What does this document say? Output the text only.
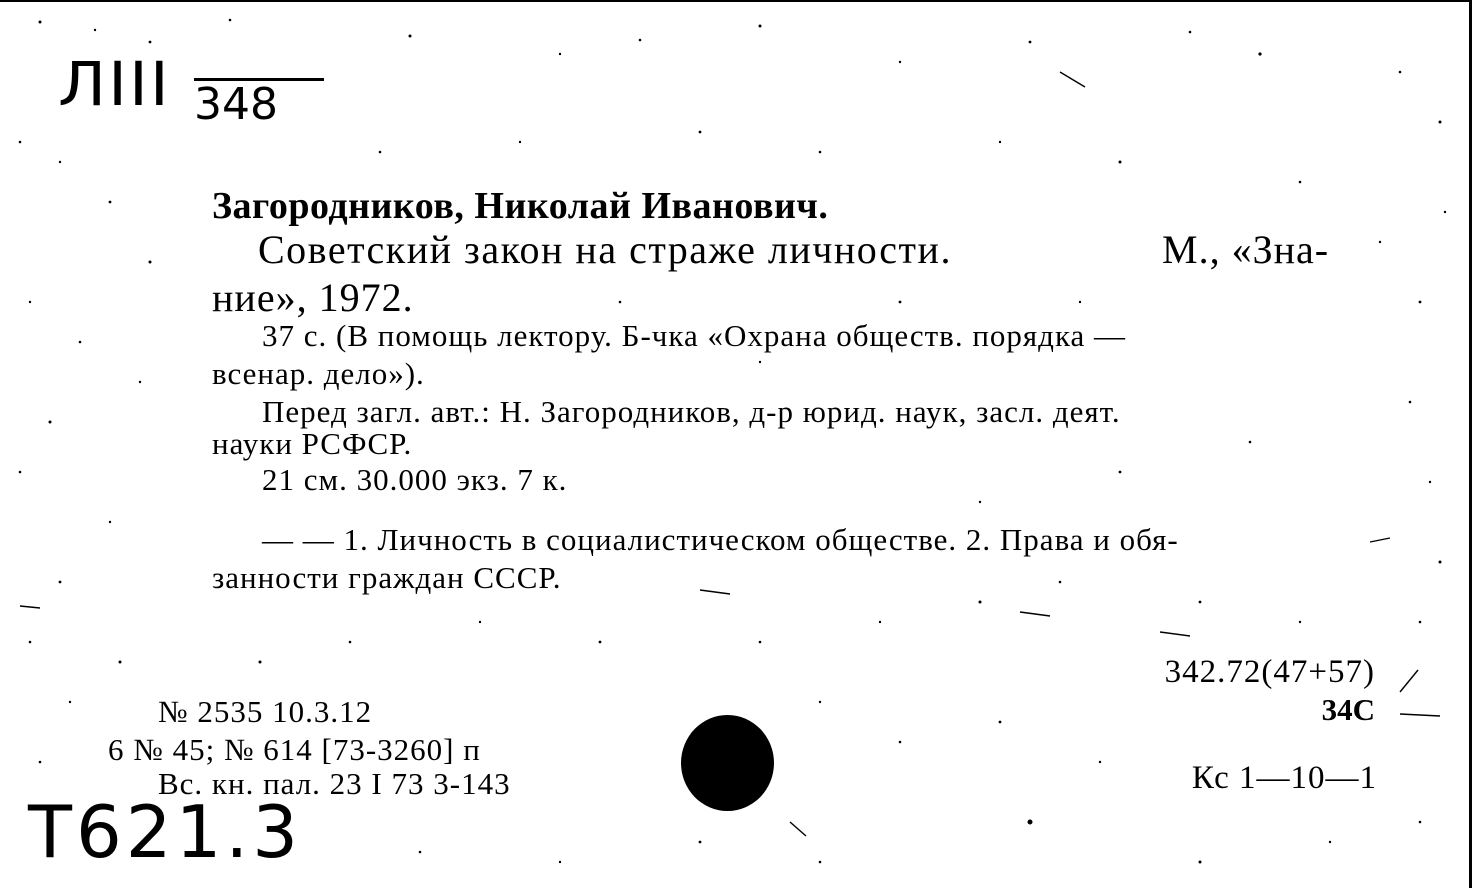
ЛIII 348
Загородников, Николай Иванович.
Советский закон на страже личности.	М., «Зна-
ние», 1972.
37 с. (В помощь лектору. Б-чка «Охрана обществ. порядка —
всенар. дело»).
Перед загл. авт.: Н. Загородников, д-р юрид. наук, засл. деят.
науки РСФСР.
21 см. 30.000 экз. 7 к.
— — 1. Личность в социалистическом обществе. 2. Права и обя-
занности граждан СССР.
№ 2535 10.3.12
6 № 45; № 614 [73-3260] п
Вс. кн. пал. 23 I 73 3-143
342.72(47+57)
34С
Кс 1—10—1
Т621.3
